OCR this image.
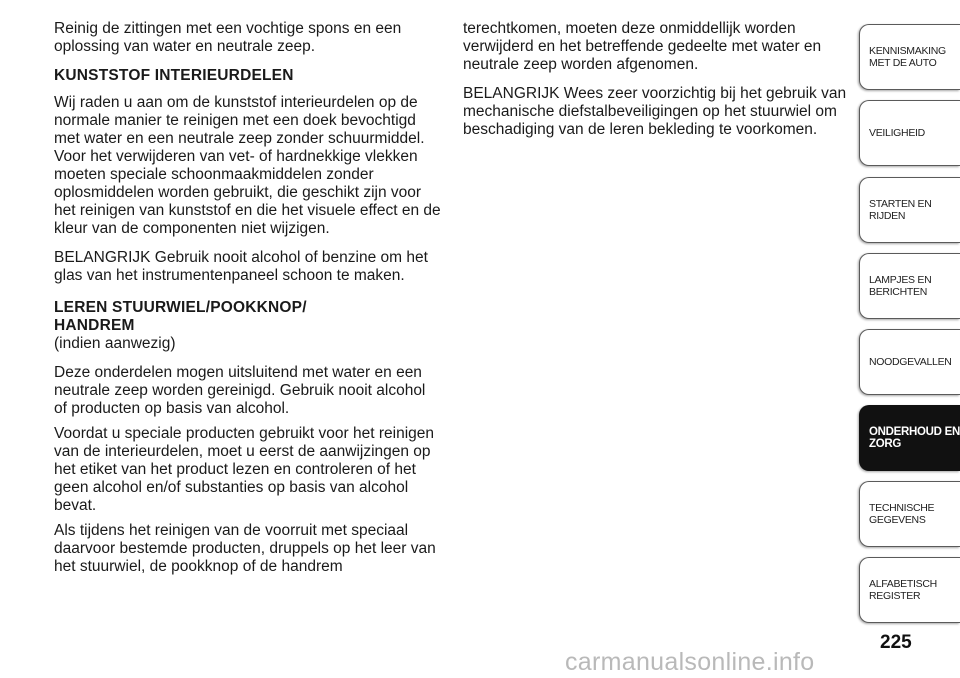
Reinig de zittingen met een vochtige spons en een oplossing van water en neutrale zeep.

KUNSTSTOF INTERIEURDELEN

Wij raden u aan om de kunststof interieurdelen op de normale manier te reinigen met een doek bevochtigd met water en een neutrale zeep zonder schuurmiddel. Voor het verwijderen van vet- of hardnekkige vlekken moeten speciale schoonmaakmiddelen zonder oplosmiddelen worden gebruikt, die geschikt zijn voor het reinigen van kunststof en die het visuele effect en de kleur van de componenten niet wijzigen.

BELANGRIJK Gebruik nooit alcohol of benzine om het glas van het instrumentenpaneel schoon te maken.

LEREN STUURWIEL/POOKKNOP/ HANDREM
(indien aanwezig)

Deze onderdelen mogen uitsluitend met water en een neutrale zeep worden gereinigd. Gebruik nooit alcohol of producten op basis van alcohol.

Voordat u speciale producten gebruikt voor het reinigen van de interieurdelen, moet u eerst de aanwijzingen op het etiket van het product lezen en controleren of het geen alcohol en/of substanties op basis van alcohol bevat.

Als tijdens het reinigen van de voorruit met speciaal daarvoor bestemde producten, druppels op het leer van het stuurwiel, de pookknop of de handrem

terechtkomen, moeten deze onmiddellijk worden verwijderd en het betreffende gedeelte met water en neutrale zeep worden afgenomen.

BELANGRIJK Wees zeer voorzichtig bij het gebruik van mechanische diefstalbeveiligingen op het stuurwiel om beschadiging van de leren bekleding te voorkomen.

KENNISMAKING MET DE AUTO
VEILIGHEID
STARTEN EN RIJDEN
LAMPJES EN BERICHTEN
NOODGEVALLEN
ONDERHOUD EN ZORG
TECHNISCHE GEGEVENS
ALFABETISCH REGISTER
225
carmanualsonline.info
